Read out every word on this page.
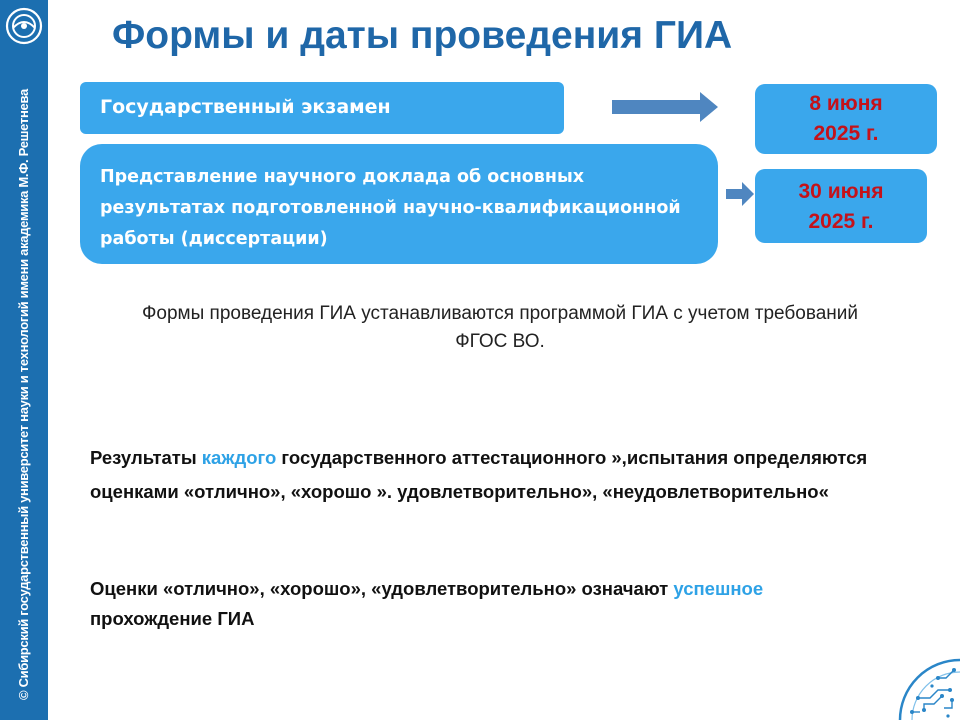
© Сибирский государственный университет науки и технологий имени академика М.Ф. Решетнева
Формы и даты проведения ГИА
Государственный экзамен	8 июня
2025 г.
Представление научного доклада об основных результатах подготовленной научно-квалификационной работы (диссертации)
30 июня
2025 г.
Формы проведения ГИА устанавливаются программой ГИА с учетом требований ФГОС ВО.
Результаты каждого государственного аттестационного »,испытания определяются оценками «отлично», «хорошо ». удовлетворительно», «неудовлетворительно«
Оценки «отлично», «хорошо», «удовлетворительно» означают успешное прохождение ГИА
